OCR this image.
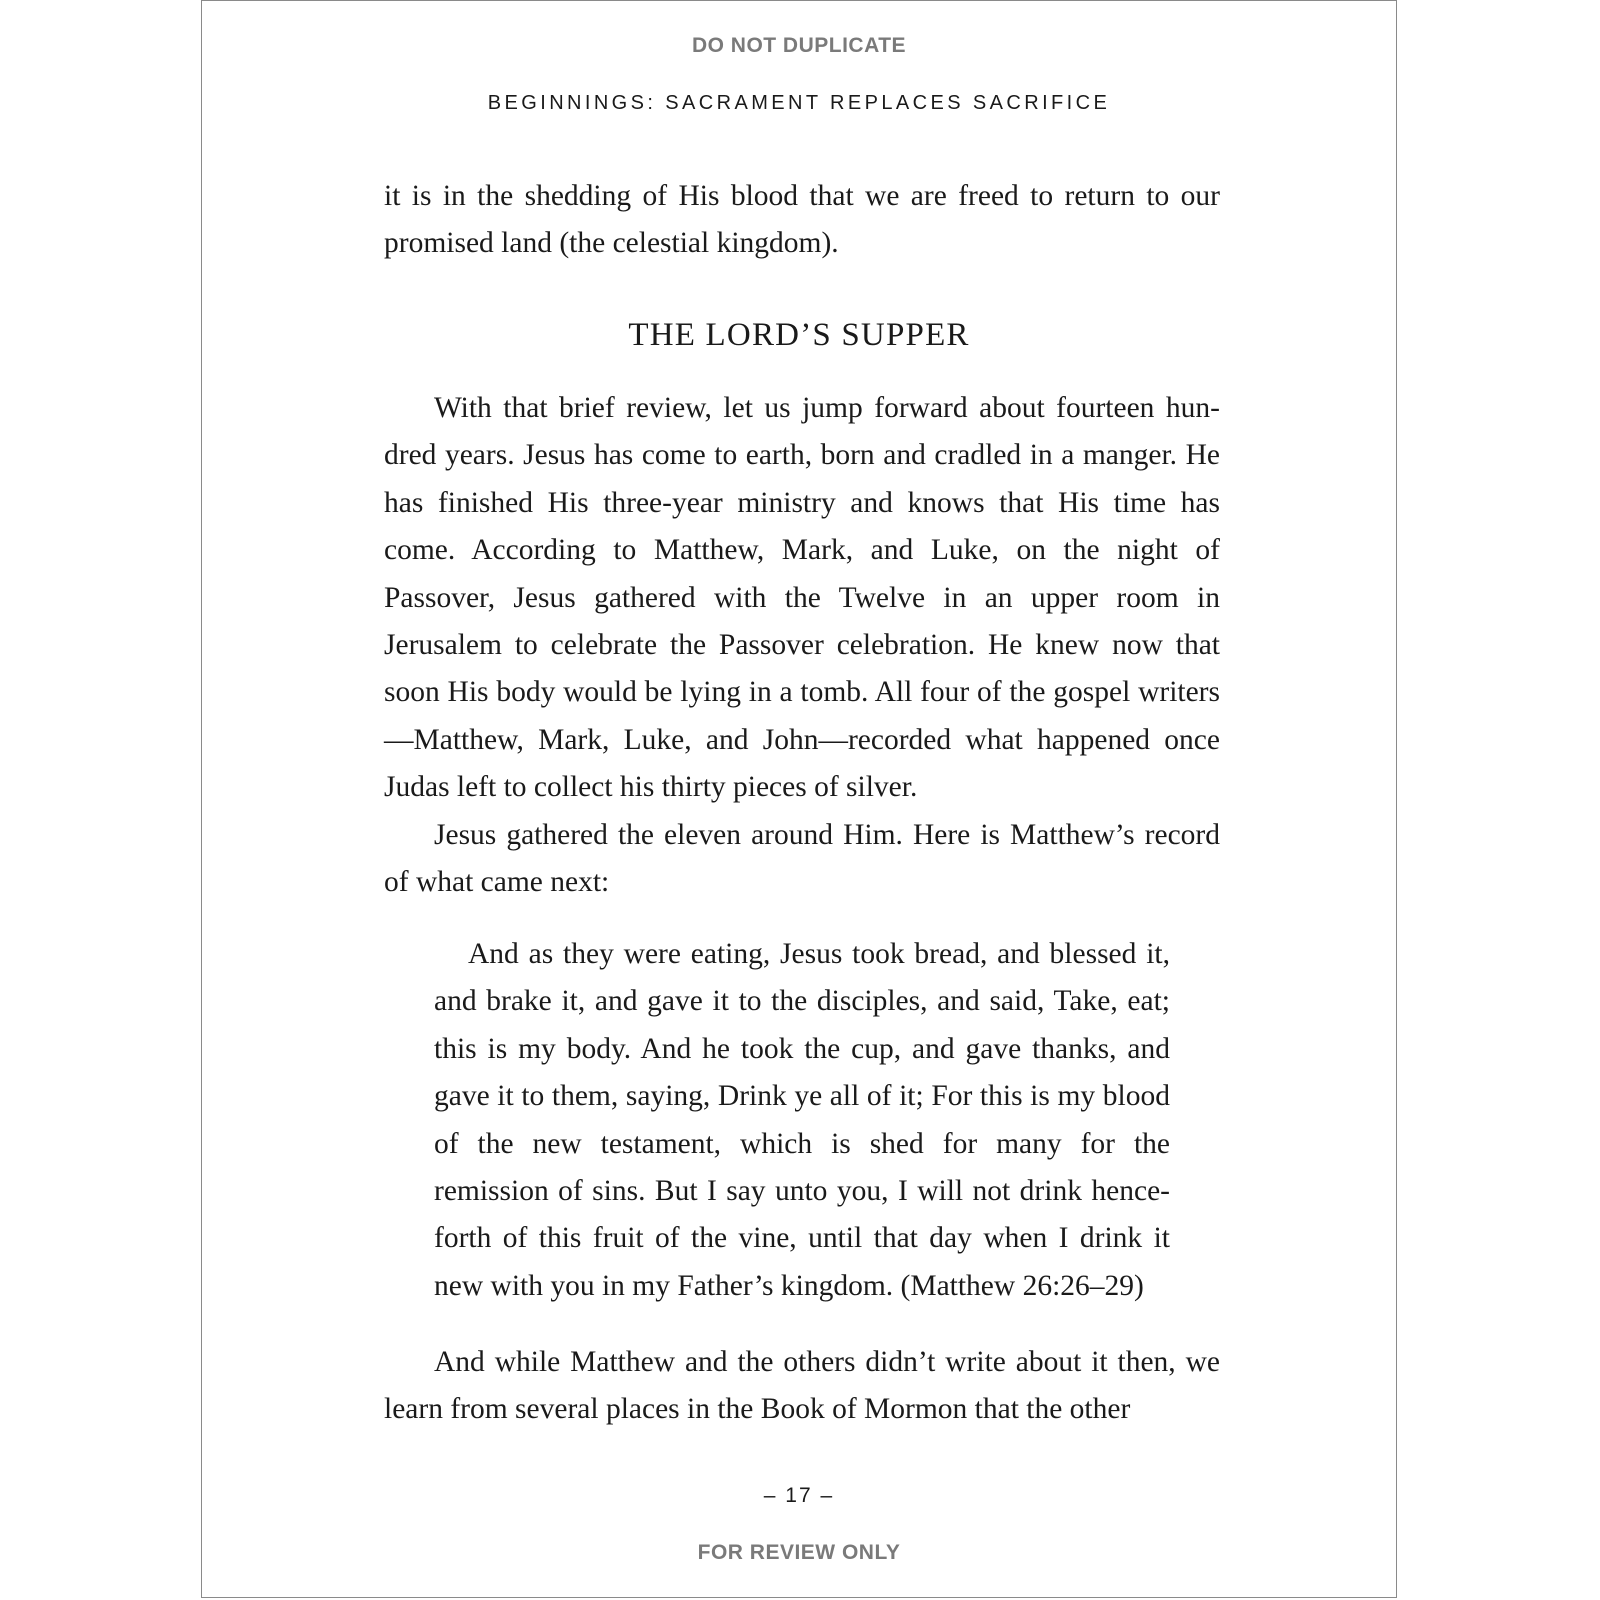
DO NOT DUPLICATE
BEGINNINGS: SACRAMENT REPLACES SACRIFICE

it is in the shedding of His blood that we are freed to return to our promised land (the celestial kingdom).

THE LORD’S SUPPER

With that brief review, let us jump forward about fourteen hundred years. Jesus has come to earth, born and cradled in a manger. He has finished His three-year ministry and knows that His time has come. According to Matthew, Mark, and Luke, on the night of Passover, Jesus gathered with the Twelve in an upper room in Jerusalem to celebrate the Passover celebration. He knew now that soon His body would be lying in a tomb. All four of the gospel writers—Matthew, Mark, Luke, and John—recorded what happened once Judas left to collect his thirty pieces of silver.

Jesus gathered the eleven around Him. Here is Matthew’s record of what came next:

And as they were eating, Jesus took bread, and blessed it, and brake it, and gave it to the disciples, and said, Take, eat; this is my body. And he took the cup, and gave thanks, and gave it to them, saying, Drink ye all of it; For this is my blood of the new testament, which is shed for many for the remission of sins. But I say unto you, I will not drink henceforth of this fruit of the vine, until that day when I drink it new with you in my Father’s kingdom. (Matthew 26:26–29)

And while Matthew and the others didn’t write about it then, we learn from several places in the Book of Mormon that the other

– 17 –
FOR REVIEW ONLY
